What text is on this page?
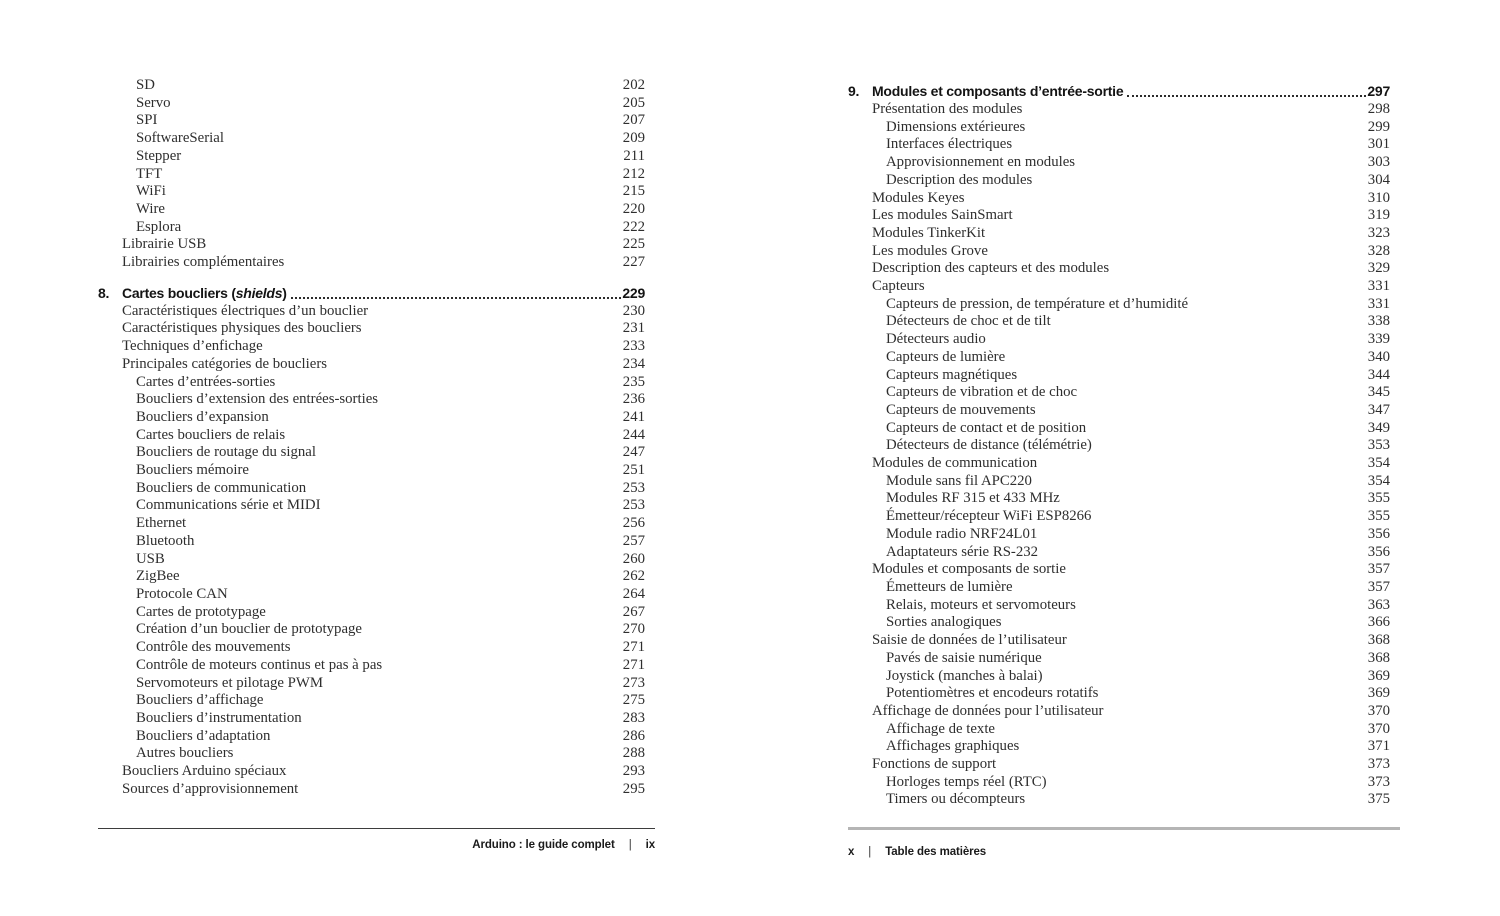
SD	202
Servo	205
SPI	207
SoftwareSerial	209
Stepper	211
TFT	212
WiFi	215
Wire	220
Esplora	222
Librairie USB	225
Librairies complémentaires	227
8. Cartes boucliers (shields)	229
Caractéristiques électriques d’un bouclier	230
Caractéristiques physiques des boucliers	231
Techniques d’enfichage	233
Principales catégories de boucliers	234
Cartes d’entrées-sorties	235
Boucliers d’extension des entrées-sorties	236
Boucliers d’expansion	241
Cartes boucliers de relais	244
Boucliers de routage du signal	247
Boucliers mémoire	251
Boucliers de communication	253
Communications série et MIDI	253
Ethernet	256
Bluetooth	257
USB	260
ZigBee	262
Protocole CAN	264
Cartes de prototypage	267
Création d’un bouclier de prototypage	270
Contrôle des mouvements	271
Contrôle de moteurs continus et pas à pas	271
Servomoteurs et pilotage PWM	273
Boucliers d’affichage	275
Boucliers d’instrumentation	283
Boucliers d’adaptation	286
Autres boucliers	288
Boucliers Arduino spéciaux	293
Sources d’approvisionnement	295
9. Modules et composants d’entrée-sortie	297
Présentation des modules	298
Dimensions extérieures	299
Interfaces électriques	301
Approvisionnement en modules	303
Description des modules	304
Modules Keyes	310
Les modules SainSmart	319
Modules TinkerKit	323
Les modules Grove	328
Description des capteurs et des modules	329
Capteurs	331
Capteurs de pression, de température et d’humidité	331
Détecteurs de choc et de tilt	338
Détecteurs audio	339
Capteurs de lumière	340
Capteurs magnétiques	344
Capteurs de vibration et de choc	345
Capteurs de mouvements	347
Capteurs de contact et de position	349
Détecteurs de distance (télémétrie)	353
Modules de communication	354
Module sans fil APC220	354
Modules RF 315 et 433 MHz	355
Émetteur/récepteur WiFi ESP8266	355
Module radio NRF24L01	356
Adaptateurs série RS-232	356
Modules et composants de sortie	357
Émetteurs de lumière	357
Relais, moteurs et servomoteurs	363
Sorties analogiques	366
Saisie de données de l’utilisateur	368
Pavés de saisie numérique	368
Joystick (manches à balai)	369
Potentiomètres et encodeurs rotatifs	369
Affichage de données pour l’utilisateur	370
Affichage de texte	370
Affichages graphiques	371
Fonctions de support	373
Horloges temps réel (RTC)	373
Timers ou décompteurs	375
Arduino : le guide complet | ix
x | Table des matières
